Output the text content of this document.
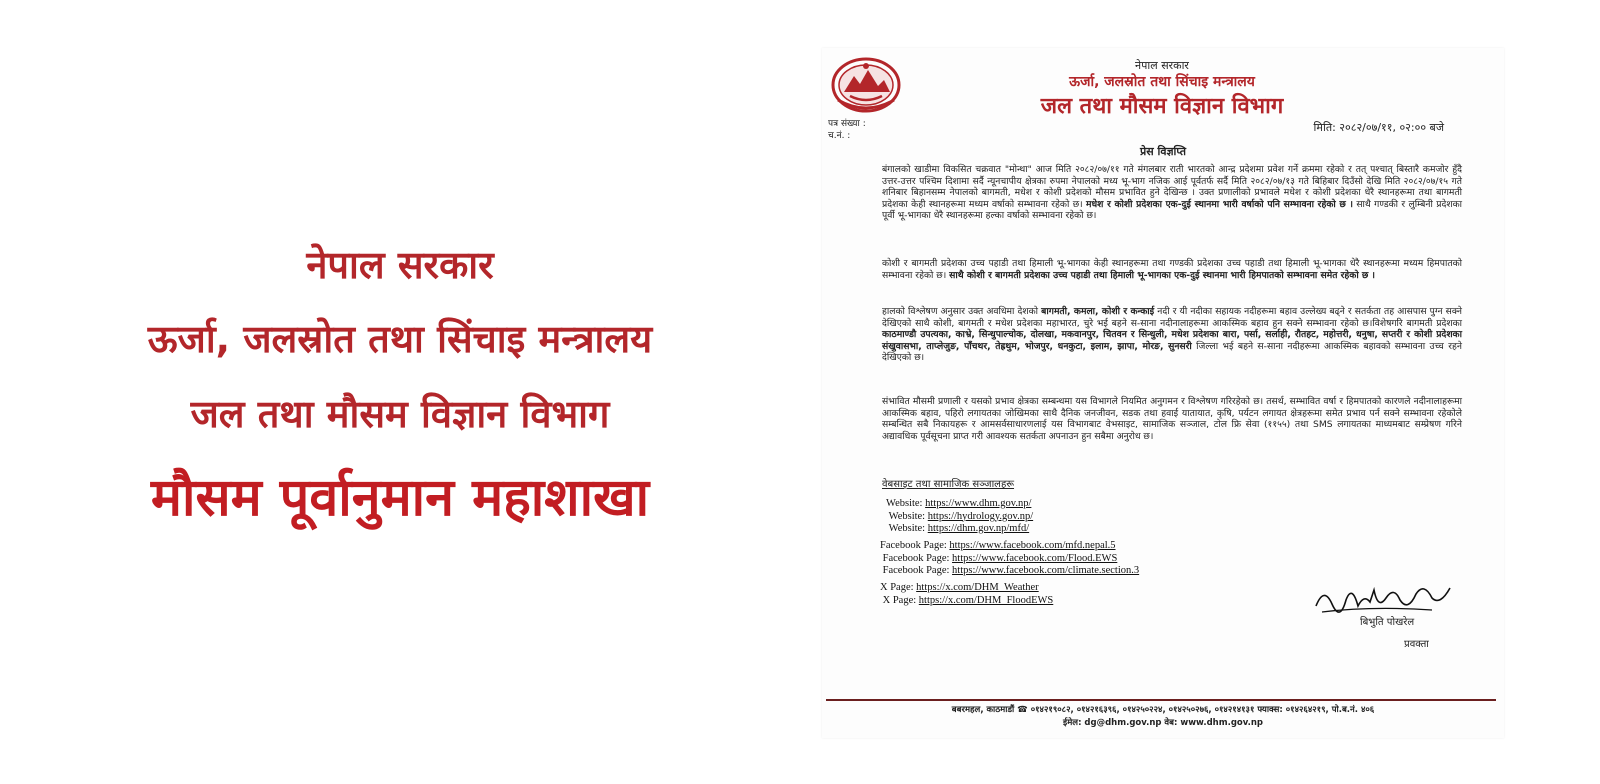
नेपाल सरकार
ऊर्जा, जलस्रोत तथा सिंचाइ मन्त्रालय
जल तथा मौसम विज्ञान विभाग
मौसम पूर्वानुमान महाशाखा
नेपाल सरकार
ऊर्जा, जलस्रोत तथा सिंचाइ मन्त्रालय
जल तथा मौसम विज्ञान विभाग
पत्र संख्या :
च.नं. :
मिति: २०८२/०७/११, ०२:०० बजे
प्रेस विज्ञप्ति

बंगालको खाडीमा विकसित चक्रवात "मोन्था" आज मिति २०८२/०७/११ गते मंगलबार राती भारतको आन्द्र प्रदेशमा प्रवेश गर्ने क्रममा रहेको र तत् पश्चात् बिस्तारै कमजोर हुँदै उत्तर-उत्तर पश्चिम दिशामा सर्दै न्यूनचापीय क्षेत्रका रुपमा नेपालको मध्य भू-भाग नजिक आई पूर्वतर्फ सर्दै मिति २०८२/०७/१३ गते बिहिबार दिउँसो देखि मिति २०८२/०७/१५ गते शनिबार बिहानसम्म नेपालको बागमती, मधेश र कोशी प्रदेशको मौसम प्रभावित हुने देखिन्छ । उक्त प्रणालीको प्रभावले मधेश र कोशी प्रदेशका धेरै स्थानहरूमा तथा बागमती प्रदेशका केही स्थानहरूमा मध्यम वर्षाको सम्भावना रहेको छ। मधेश र कोशी प्रदेशका एक-दुई स्थानमा भारी वर्षाको पनि सम्भावना रहेको छ । साथै गण्डकी र लुम्बिनी प्रदेशका पूर्वी भू-भागका धेरै स्थानहरूमा हल्का वर्षाको सम्भावना रहेको छ।

कोशी र बागमती प्रदेशका उच्च पहाडी तथा हिमाली भू-भागका केही स्थानहरूमा तथा गण्डकी प्रदेशका उच्च पहाडी तथा हिमाली भू-भागका धेरै स्थानहरूमा मध्यम हिमपातको सम्भावना रहेको छ। साथै कोशी र बागमती प्रदेशका उच्च पहाडी तथा हिमाली भू-भागका एक-दुई स्थानमा भारी हिमपातको सम्भावना समेत रहेको छ ।

हालको विश्लेषण अनुसार उक्त अवधिमा देशको बागमती, कमला, कोशी र कन्काई नदी र यी नदीका सहायक नदीहरूमा बहाव उल्लेख्य बढ्ने र सतर्कता तह आसपास पुग्न सक्ने देखिएको साथै कोशी, बागमती र मधेश प्रदेशका महाभारत, चुरे भई बहने स-साना नदीनालाहरूमा आकस्मिक बहाव हुन सक्ने सम्भावना रहेको छ।विशेषगरि बागमती प्रदेशका काठमाण्डौ उपत्यका, काभ्रे, सिन्धुपाल्चोक, दोलखा, मकवानपुर, चितवन र सिन्धुली, मधेश प्रदेशका बारा, पर्सा, सर्लाही, रौतहट, महोत्तरी, धनुषा, सप्तरी र कोशी प्रदेशका संखुवासभा, ताप्लेजुङ, पाँचथर, तेह्रथुम, भोजपुर, धनकुटा, इलाम, झापा, मोरङ, सुनसरी जिल्ला भई बहने स-साना नदीहरूमा आकस्मिक बहावको सम्भावना उच्च रहने देखिएको छ।

संभावित मौसमी प्रणाली र यसको प्रभाव क्षेत्रका सम्बन्धमा यस विभागले नियमित अनुगमन र विश्लेषण गरिरहेको छ। तसर्थ, सम्भावित वर्षा र हिमपातको कारणले नदीनालाहरूमा आकस्मिक बहाव, पहिरो लगायतका जोखिमका साथै दैनिक जनजीवन, सडक तथा हवाई यातायात, कृषि, पर्यटन लगायत क्षेत्रहरूमा समेत प्रभाव पर्न सक्ने सम्भावना रहेकोले सम्बन्धित सबै निकायहरू र आमसर्वसाधारणलाई यस विभागबाट वेभसाइट, सामाजिक सञ्जाल, टोल फ्रि सेवा (११५५) तथा SMS लगायतका माध्यमबाट सम्प्रेषण गरिने अद्यावधिक पूर्वसूचना प्राप्त गरी आवश्यक सतर्कता अपनाउन हुन सबैमा अनुरोध छ।

वेबसाइट तथा सामाजिक सञ्जालहरू
Website: https://www.dhm.gov.np/
Website: https://hydrology.gov.np/
Website: https://dhm.gov.np/mfd/
Facebook Page: https://www.facebook.com/mfd.nepal.5
Facebook Page: https://www.facebook.com/Flood.EWS
Facebook Page: https://www.facebook.com/climate.section.3
X Page: https://x.com/DHM_Weather
X Page: https://x.com/DHM_FloodEWS
बिभुति पोखरेल
प्रवक्ता
बबरमहल, काठमाडौं ☎ ०१४२१९०८२, ०१४२१६३९६, ०१४२५०२२४, ०१४२५०२७६, ०१४२१४१३१ फ्याक्स: ०१४२६४२१९, पो.ब.नं. ४०६
ईमेल: dg@dhm.gov.np वेब: www.dhm.gov.np
